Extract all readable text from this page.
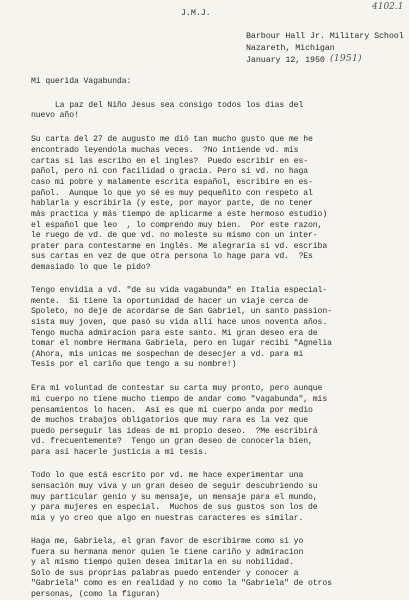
4102.1
(1951)
J.M.J.
Barbour Hall Jr. Military School
Nazareth, Michigan
January 12, 1950
Mi querida Vagabunda:
La paz del Niño Jesus sea consigo todos los dias del
nuevo año!
Su carta del 27 de augusto me dió tan mucho gusto que me he
encontrado leyendola muchas veces.  ?No intiende vd. mis
cartas si las escribo en el ingles?  Puedo escribir en es-
pañol, pero ni con facilidad o gracia. Pero si vd. no haga
caso mi pobre y malamente escrita español, escribire en es-
pañol.  Aunque lo que yo sé es muy pequeñito con respeto al
hablarla y escribirla (y este, por mayor parte, de no tener
más practica y más tiempo de aplicarme a este hermoso estudio)
el español que leo  , lo comprendo muy bien.  Por este razon,
le ruego de vd. de que vd. no moleste su mismo con un inter-
prater para contestarme en inglés. Me alegraría si vd. escriba
sus cartas en vez de que otra persona lo hage para vd.  ?Es
demasiado lo que le pido?
Tengo envidia a vd. "de su vida vagabunda" en Italia especial-
mente.  Si tiene la oportunidad de hacer un viaje cerca de
Spoleto, no deje de acordarse de San Gabriel, un santo passion-
sista muy joven, que pasó su vida allí hace unos noventa años.
Tengo mucha admiracion para este santo. Mi gran deseo era de
tomar el nombre Hermana Gabriela, pero en lugar recibí "Agnelia
(Ahora, mis unicas me sospechan de desecjer a vd. para mi
Tesis por el cariño que tengo a su nombre!)
Era mi voluntad de contestar su carta muy pronto, pero aunque
mi cuerpo no tiene mucho tiempo de andar como "vagabunda", mis
pensamientos lo hacen.  Así es que mi cuerpo anda por medio
de muchos trabajos obligatorios que muy rara es la vez que
puedo perseguir las ideas de mi propio deseo.  ?Me escribirá
vd. frecuentemente?  Tengo un gran deseo de conocerla bien,
para así hacerle justicia a mi tesis.
Todo lo que está escrito por vd. me hace experimentar una
sensación muy viva y un gran deseo de seguir descubriendo su
muy particular genio y su mensaje, un mensaje para el mundo,
y para mujeres en especial.  Muchos de sus gustos son los de
mía y yo creo que algo en nuestras caracteres es similar.
Haga me, Gabriela, el gran favor de escribirme como si yo
fuera su hermana menor quien le tiene cariño y admiracion
y al mismo tiempo quien desea imitarla en su nobilidad.
Solo de sus proprias palabras puedo entender y conocer a
"Gabriela" como es en realidad y no como la "Gabriela" de otros
personas, (como la figuran)
